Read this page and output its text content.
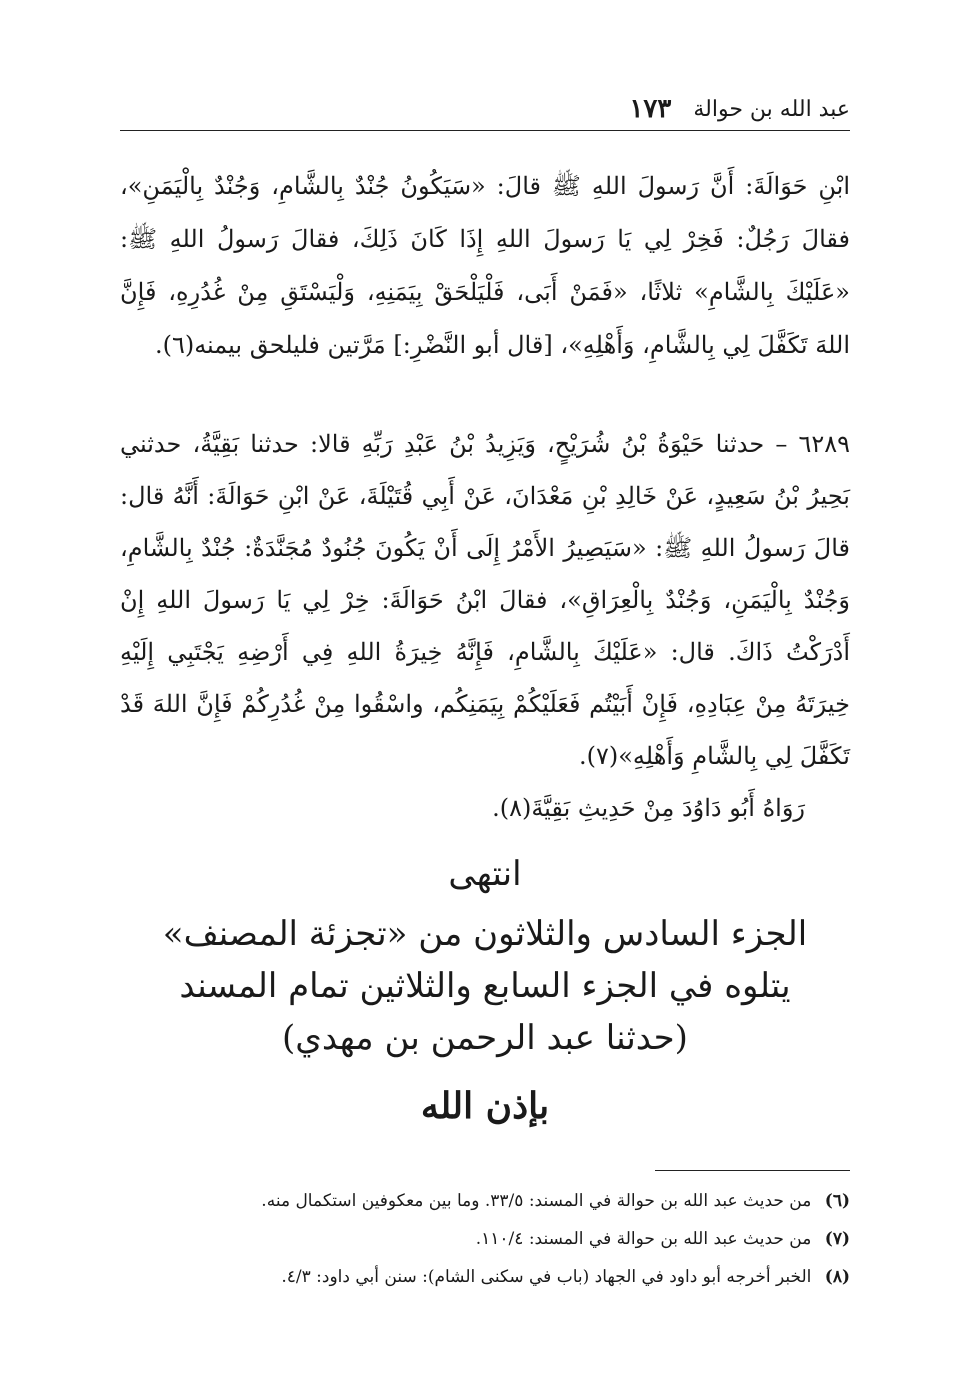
عبد الله بن حوالة
١٧٣
ابْنِ حَوَالَةَ: أَنَّ رَسولَ اللهِ ﷺ قالَ: «سَيَكُونُ جُنْدٌ بِالشَّامِ، وَجُنْدٌ بِالْيَمَنِ»، فقالَ رَجُلٌ: فَخِرْ لِي يَا رَسولَ اللهِ إِذَا كَانَ ذَلِكَ، فقالَ رَسولُ اللهِ ﷺ: «عَلَيْكَ بِالشَّامِ» ثلاثًا، «فَمَنْ أَبَى، فَلْيَلْحَقْ بِيَمَنِهِ، وَلْيَسْتَقِ مِنْ غُدُرِهِ، فَإِنَّ اللهَ تَكَفَّلَ لِي بِالشَّامِ، وَأَهْلِهِ»، [قال أبو النَّضْرِ:] مَرَّتين فليلحق بيمنه(٦).
٦٢٨٩ – حدثنا حَيْوَةُ بْنُ شُرَيْحٍ، وَيَزِيدُ بْنُ عَبْدِ رَبِّهِ قالا: حدثنا بَقِيَّةُ، حدثني بَحِيرُ بْنُ سَعِيدٍ، عَنْ خَالِدِ بْنِ مَعْدَانَ، عَنْ أَبِي قُتَيْلَةَ، عَنْ ابْنِ حَوَالَةَ: أَنَّهُ قال: قالَ رَسولُ اللهِ ﷺ: «سَيَصِيرُ الأَمْرُ إِلَى أَنْ يَكُونَ جُنُودٌ مُجَنَّدَةٌ: جُنْدٌ بِالشَّامِ، وَجُنْدٌ بِالْيَمَنِ، وَجُنْدٌ بِالْعِرَاقِ»، فقالَ ابْنُ حَوَالَةَ: خِرْ لِي يَا رَسولَ اللهِ إِنْ أَدْرَكْتُ ذَاكَ. قال: «عَلَيْكَ بِالشَّامِ، فَإِنَّهُ خِيرَةُ اللهِ فِي أَرْضِهِ يَجْتَبِي إِلَيْهِ خِيرَتَهُ مِنْ عِبَادِهِ، فَإِنْ أَبَيْتُم فَعَلَيْكُمْ بِيَمَنِكُم، واسْقُوا مِنْ غُدُرِكُمْ فَإِنَّ اللهَ قَدْ تَكَفَّلَ لِي بِالشَّامِ وَأَهْلِهِ»(٧).
رَوَاهُ أَبُو دَاوُدَ مِنْ حَدِيثِ بَقِيَّةَ(٨).
انتهى
الجزء السادس والثلاثون من «تجزئة المصنف»
يتلوه في الجزء السابع والثلاثين تمام المسند
(حدثنا عبد الرحمن بن مهدي)
بإذن الله
(٦) من حديث عبد الله بن حوالة في المسند: ٣٣/٥. وما بين معكوفين استكمال منه.
(٧) من حديث عبد الله بن حوالة في المسند: ١١٠/٤.
(٨) الخبر أخرجه أبو داود في الجهاد (باب في سكنى الشام): سنن أبي داود: ٤/٣.
